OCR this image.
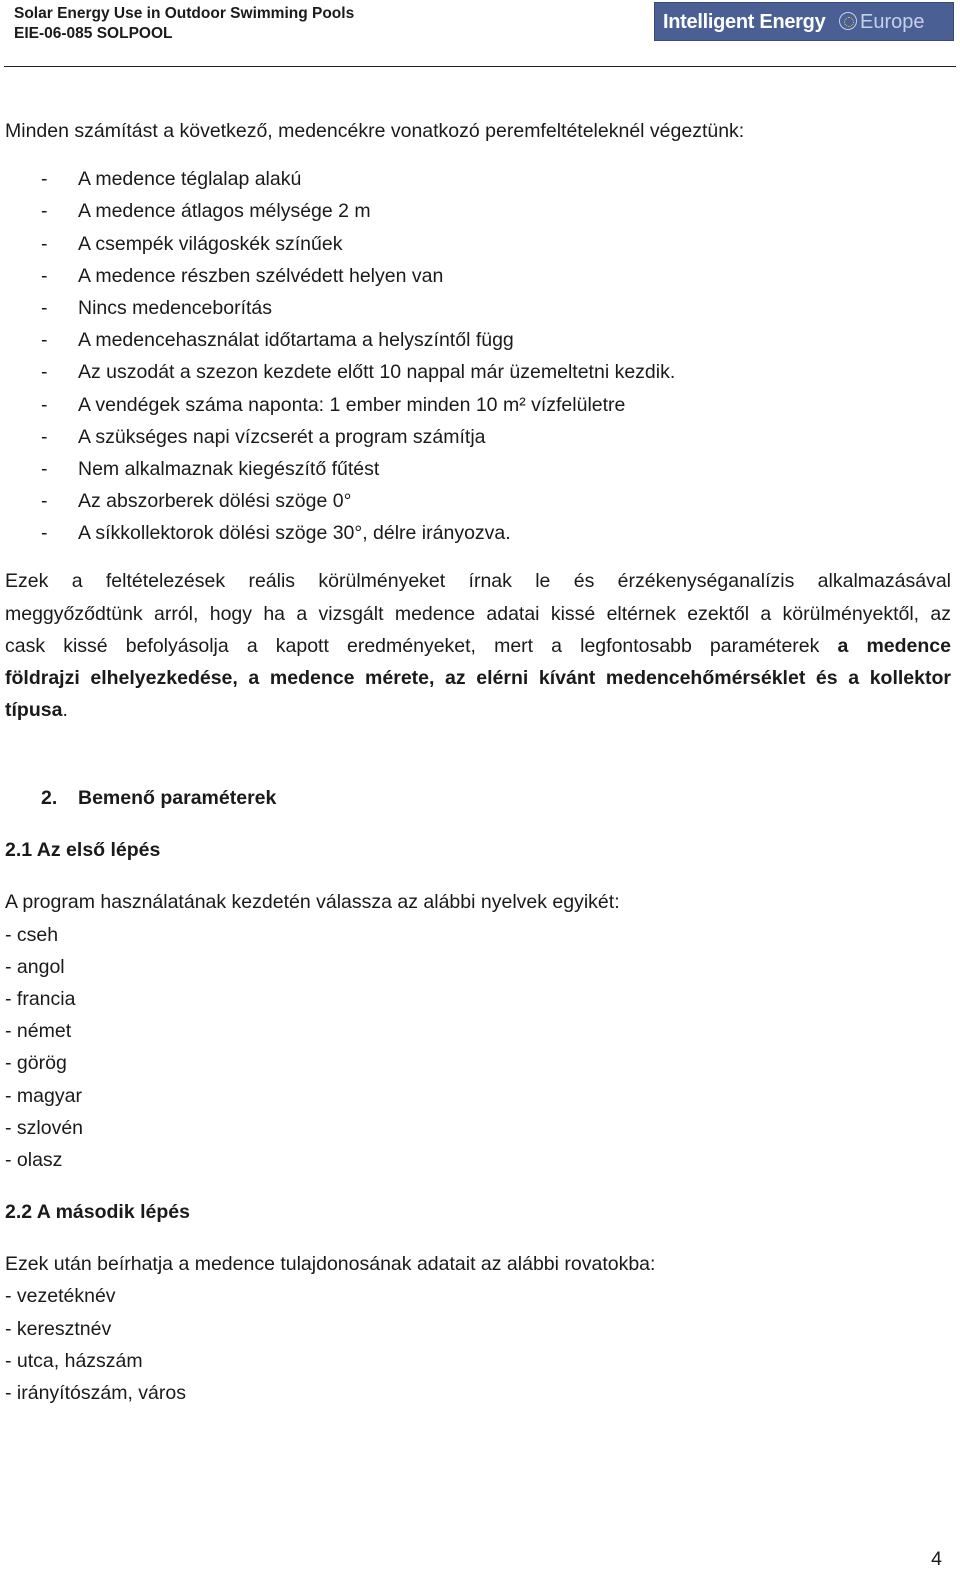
Solar Energy Use in Outdoor Swimming Pools
EIE-06-085 SOLPOOL
Intelligent Energy Europe
Minden számítást a következő, medencékre vonatkozó peremfeltételeknél végeztünk:
- A medence téglalap alakú
- A medence átlagos mélysége 2 m
- A csempék világoskék színűek
- A medence részben szélvédett helyen van
- Nincs medenceborítás
- A medencehasználat időtartama a helyszíntől függ
- Az uszodát a szezon kezdete előtt 10 nappal már üzemeltetni kezdik.
- A vendégek száma naponta: 1 ember minden 10 m² vízfelületre
- A szükséges napi vízcserét a program számítja
- Nem alkalmaznak kiegészítő fűtést
- Az abszorberek dölési szöge 0°
- A síkkollektorok dölési szöge 30°, délre irányozva.
Ezek a feltételezések reális körülményeket írnak le és érzékenységanalízis alkalmazásával
meggyőződtünk arról, hogy ha a vizsgált medence adatai kissé eltérnek ezektől a körülményektől, az
cask kissé befolyásolja a kapott eredményeket, mert a legfontosabb paraméterek a medence
földrajzi elhelyezkedése, a medence mérete, az elérni kívánt medencehőmérséklet és a kollektor
típusa.
2. Bemenő paraméterek
2.1 Az első lépés
A program használatának kezdetén válassza az alábbi nyelvek egyikét:
- cseh
- angol
- francia
- német
- görög
- magyar
- szlovén
- olasz
2.2 A második lépés
Ezek után beírhatja a medence tulajdonosának adatait az alábbi rovatokba:
- vezetéknév
- keresztnév
- utca, házszám
- irányítószám, város
4
